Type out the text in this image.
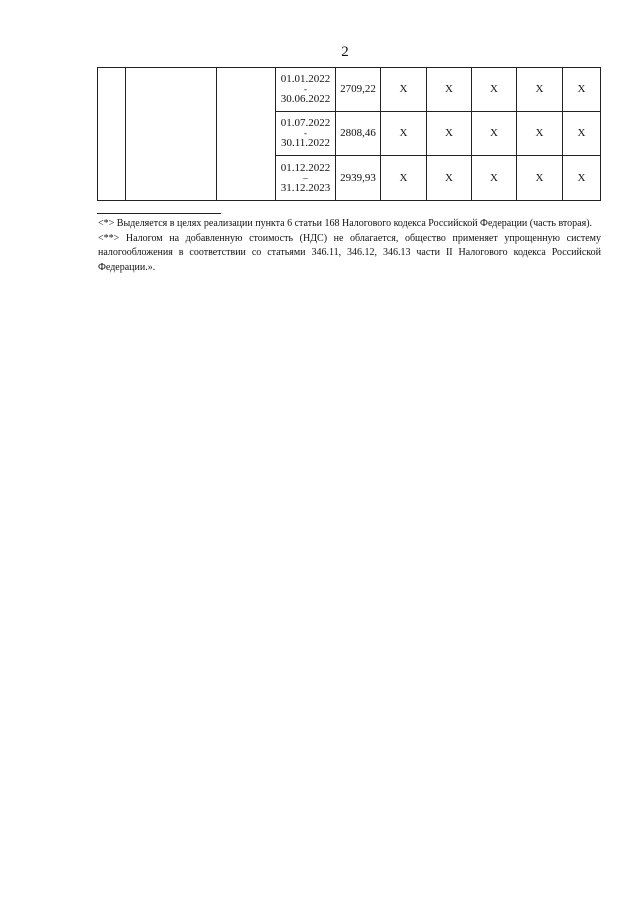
2

			01.01.2022
-
30.06.2022	2709,22	X	X	X	X	X

			01.07.2022
-
30.11.2022	2808,46	X	X	X	X	X

			01.12.2022
–
31.12.2023	2939,93	X	X	X	X	X

<*> Выделяется в целях реализации пункта 6 статьи 168 Налогового кодекса Российской Федерации (часть вторая).

<**> Налогом на добавленную стоимость (НДС) не облагается, общество применяет упрощенную систему налогообложения в соответствии со статьями 346.11, 346.12, 346.13 части II Налогового кодекса Российской Федерации.».
